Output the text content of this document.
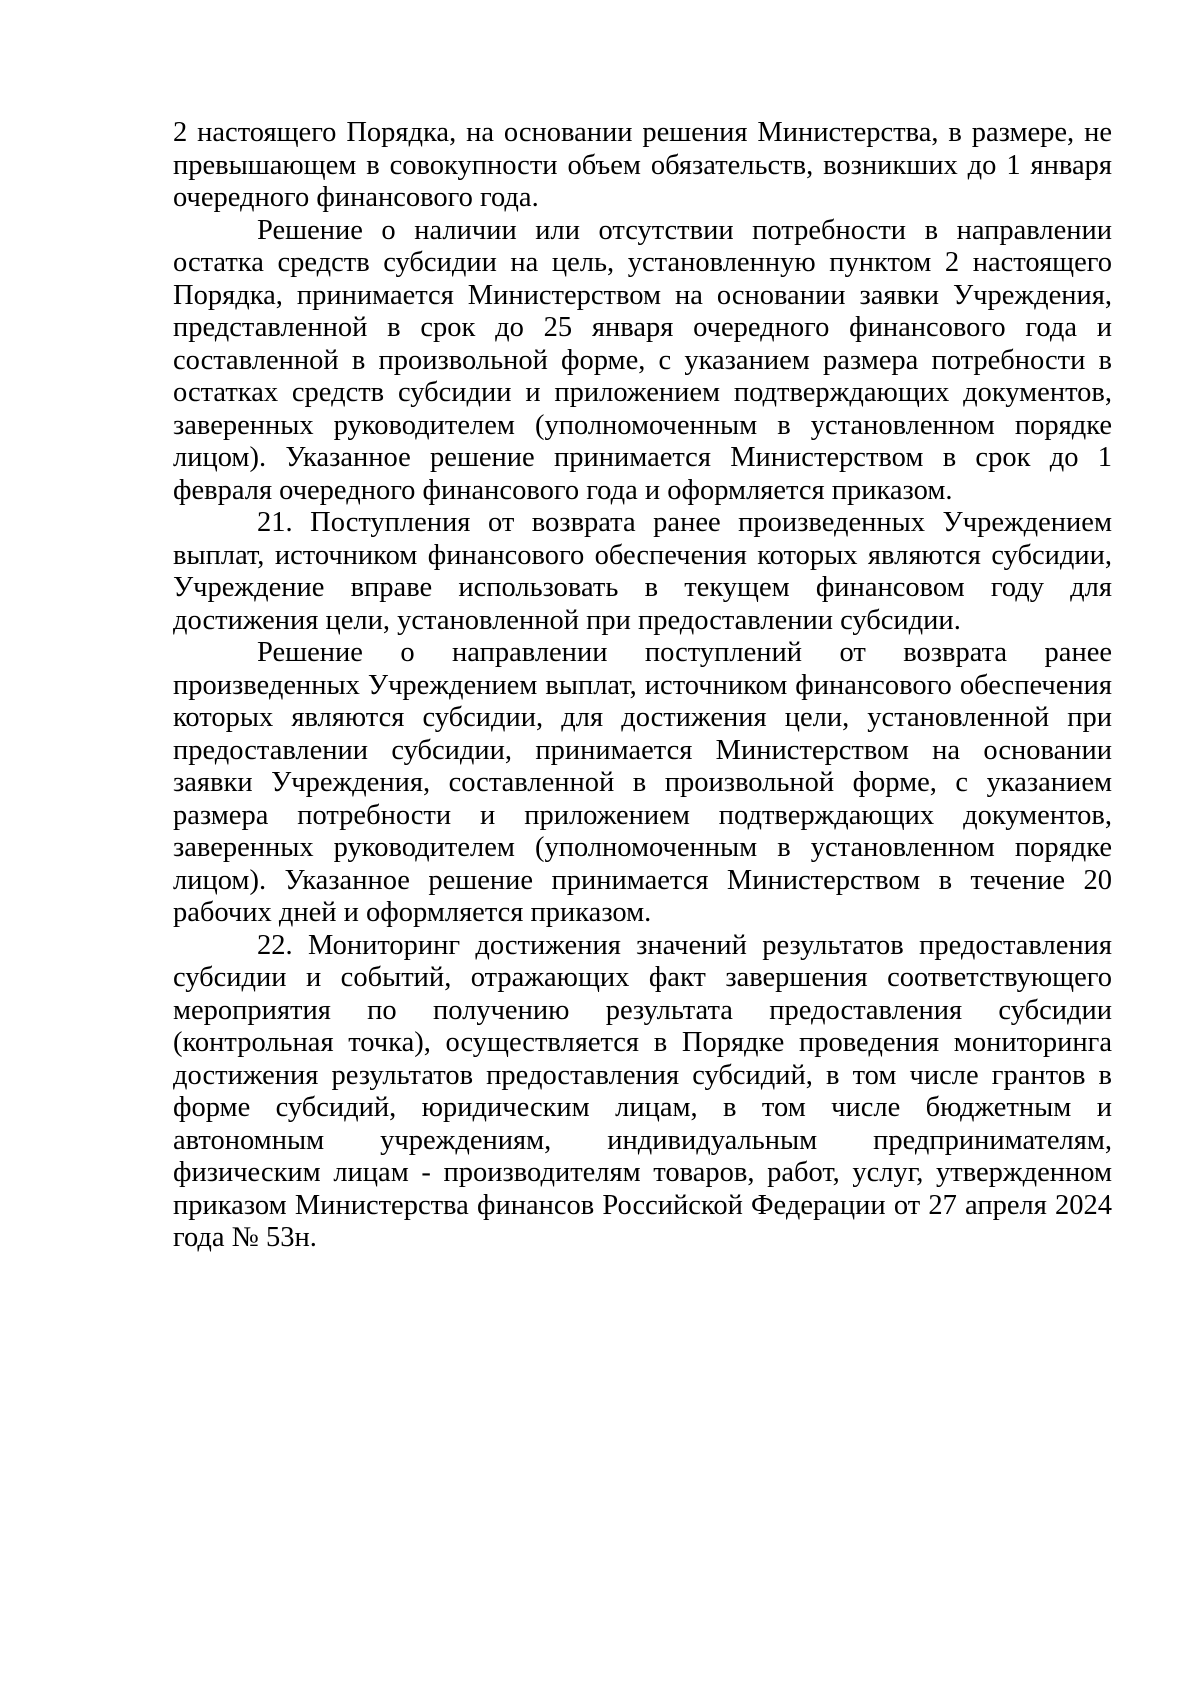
2 настоящего Порядка, на основании решения Министерства, в размере, не превышающем в совокупности объем обязательств, возникших до 1 января очередного финансового года.

Решение о наличии или отсутствии потребности в направлении остатка средств субсидии на цель, установленную пунктом 2 настоящего Порядка, принимается Министерством на основании заявки Учреждения, представленной в срок до 25 января очередного финансового года и составленной в произвольной форме, с указанием размера потребности в остатках средств субсидии и приложением подтверждающих документов, заверенных руководителем (уполномоченным в установленном порядке лицом). Указанное решение принимается Министерством в срок до 1 февраля очередного финансового года и оформляется приказом.

21. Поступления от возврата ранее произведенных Учреждением выплат, источником финансового обеспечения которых являются субсидии, Учреждение вправе использовать в текущем финансовом году для достижения цели, установленной при предоставлении субсидии.

Решение о направлении поступлений от возврата ранее произведенных Учреждением выплат, источником финансового обеспечения которых являются субсидии, для достижения цели, установленной при предоставлении субсидии, принимается Министерством на основании заявки Учреждения, составленной в произвольной форме, с указанием размера потребности и приложением подтверждающих документов, заверенных руководителем (уполномоченным в установленном порядке лицом). Указанное решение принимается Министерством в течение 20 рабочих дней и оформляется приказом.

22. Мониторинг достижения значений результатов предоставления субсидии и событий, отражающих факт завершения соответствующего мероприятия по получению результата предоставления субсидии (контрольная точка), осуществляется в Порядке проведения мониторинга достижения результатов предоставления субсидий, в том числе грантов в форме субсидий, юридическим лицам, в том числе бюджетным и автономным учреждениям, индивидуальным предпринимателям, физическим лицам - производителям товаров, работ, услуг, утвержденном приказом Министерства финансов Российской Федерации от 27 апреля 2024 года № 53н.
